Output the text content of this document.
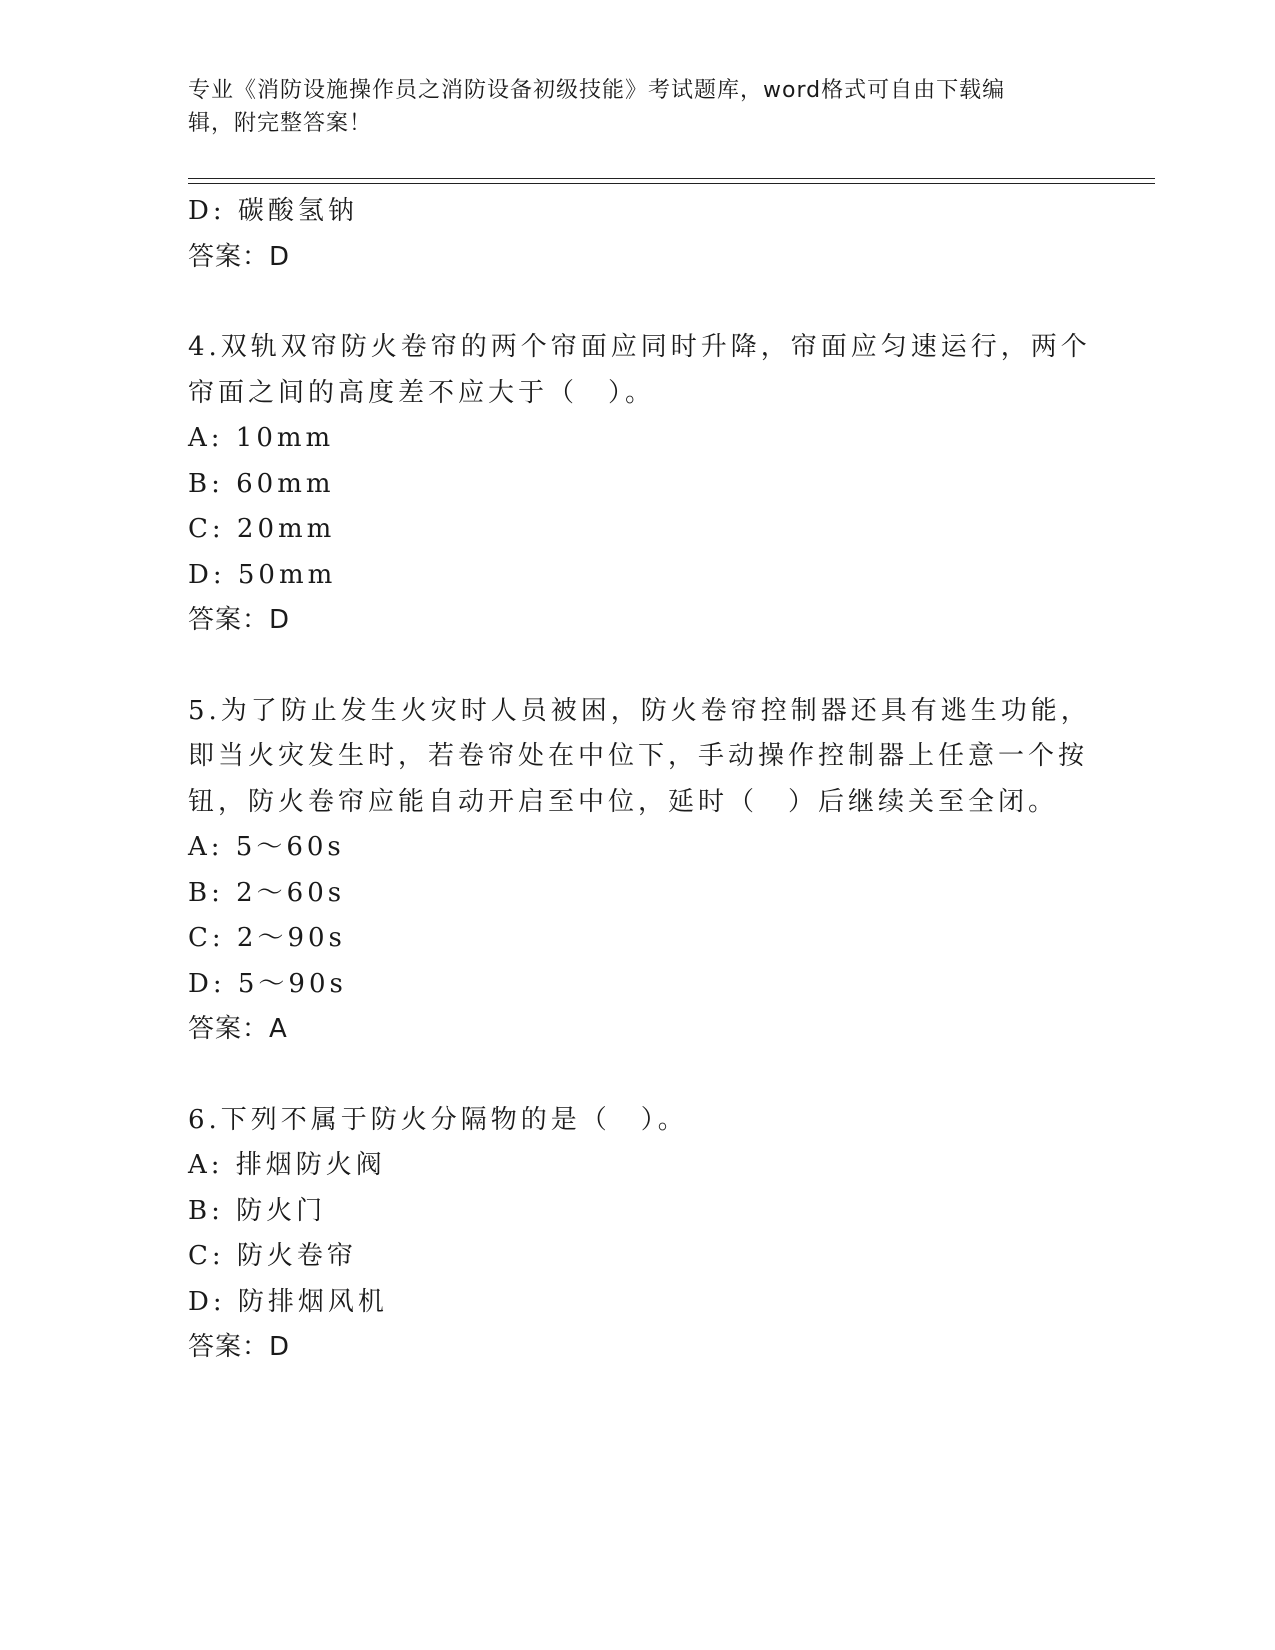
专业《消防设施操作员之消防设备初级技能》考试题库，word格式可自由下载编
辑，附完整答案！
D: 碳酸氢钠
答案：D
4.双轨双帘防火卷帘的两个帘面应同时升降，帘面应匀速运行，两个
帘面之间的高度差不应大于（　）。
A: 10mm
B: 60mm
C: 20mm
D: 50mm
答案：D
5.为了防止发生火灾时人员被困，防火卷帘控制器还具有逃生功能，
即当火灾发生时，若卷帘处在中位下，手动操作控制器上任意一个按
钮，防火卷帘应能自动开启至中位，延时（　）后继续关至全闭。
A: 5～60s
B: 2～60s
C: 2～90s
D: 5～90s
答案：A
6.下列不属于防火分隔物的是（　）。
A: 排烟防火阀
B: 防火门
C: 防火卷帘
D: 防排烟风机
答案：D
